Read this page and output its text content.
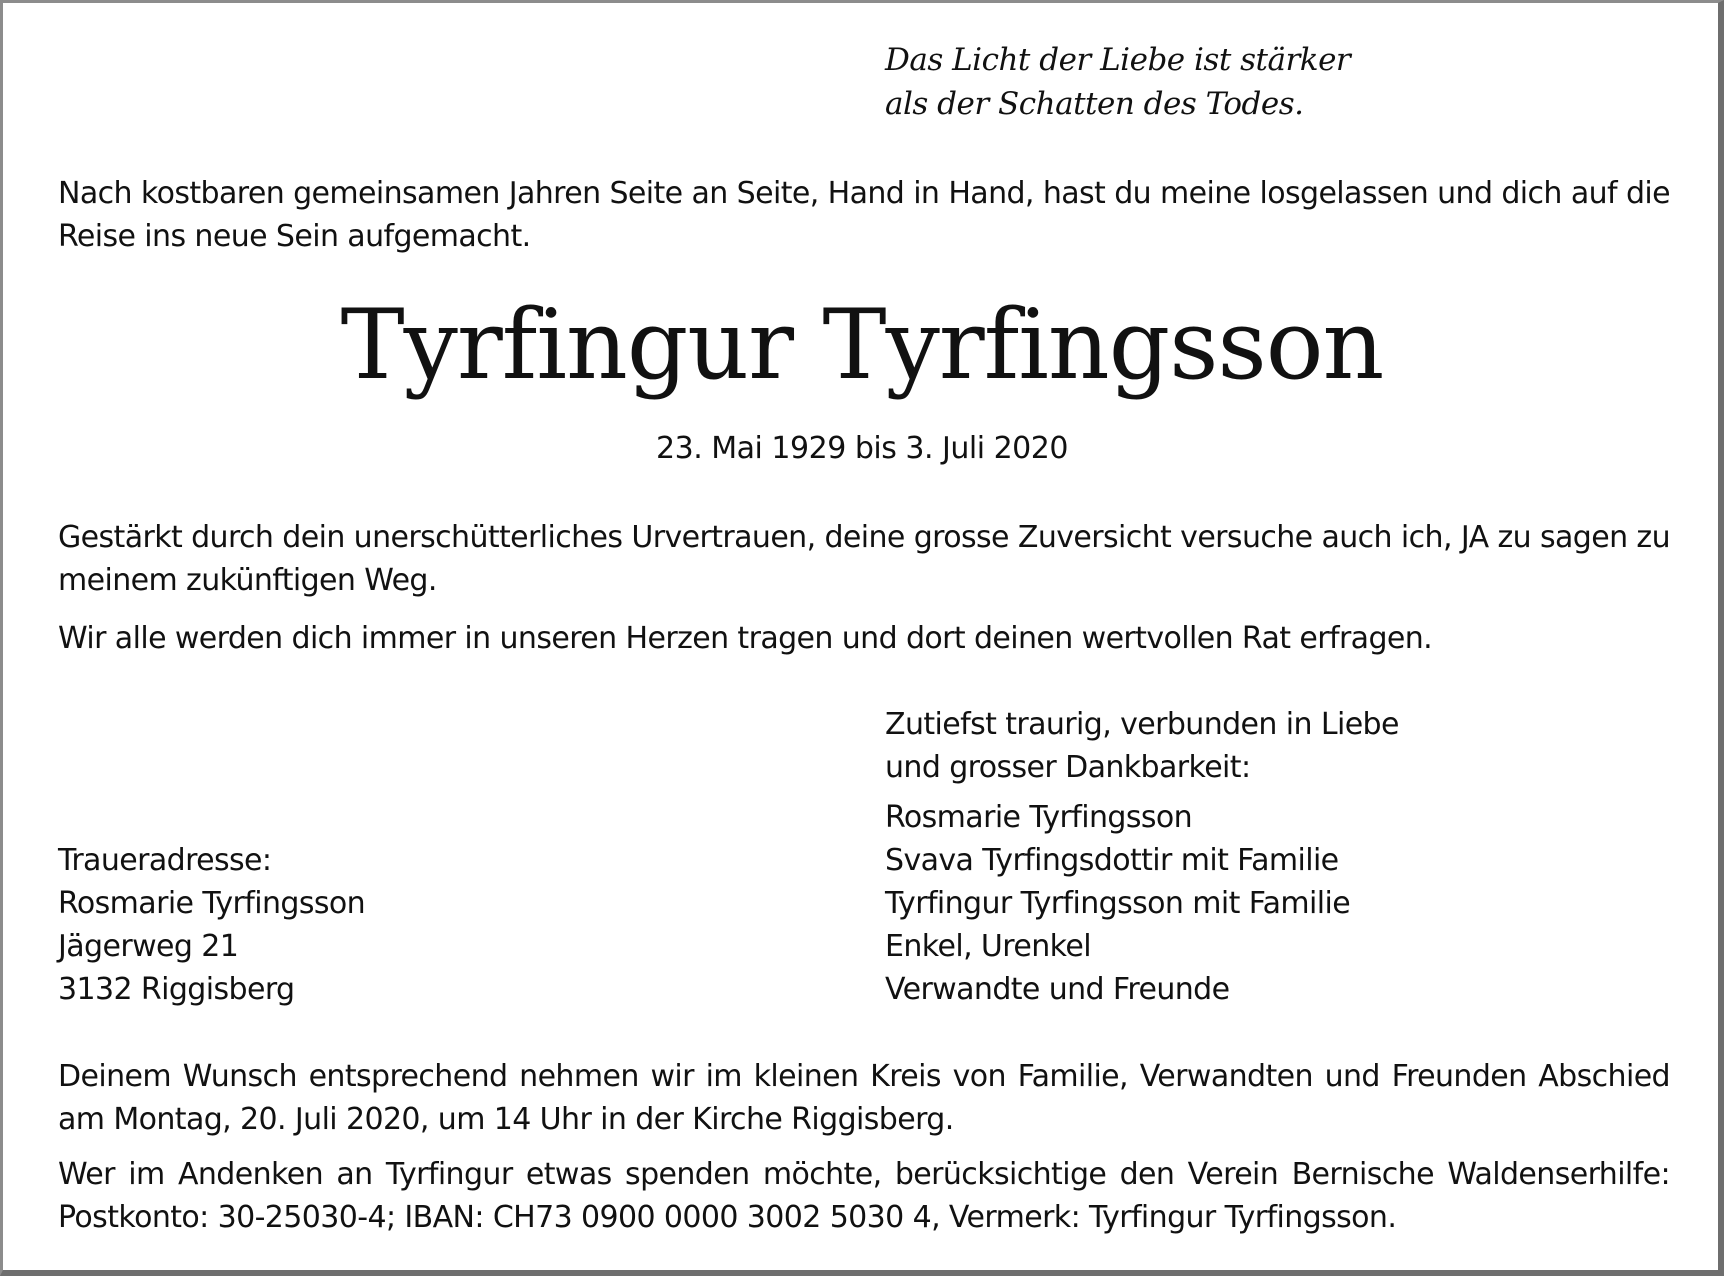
Das Licht der Liebe ist stärker
als der Schatten des Todes.
Nach kostbaren gemeinsamen Jahren Seite an Seite, Hand in Hand, hast du meine losgelassen und dich auf die Reise ins neue Sein aufgemacht.
Tyrfingur Tyrfingsson
23. Mai 1929 bis 3. Juli 2020
Gestärkt durch dein unerschütterliches Urvertrauen, deine grosse Zuversicht versuche auch ich, JA zu sagen zu meinem zukünftigen Weg.
Wir alle werden dich immer in unseren Herzen tragen und dort deinen wertvollen Rat erfragen.
Zutiefst traurig, verbunden in Liebe
und grosser Dankbarkeit:
Rosmarie Tyrfingsson
Svava Tyrfingsdottir mit Familie
Tyrfingur Tyrfingsson mit Familie
Enkel, Urenkel
Verwandte und Freunde
Traueradresse:
Rosmarie Tyrfingsson
Jägerweg 21
3132 Riggisberg
Deinem Wunsch entsprechend nehmen wir im kleinen Kreis von Familie, Verwandten und Freunden Abschied am Montag, 20. Juli 2020, um 14 Uhr in der Kirche Riggisberg.
Wer im Andenken an Tyrfingur etwas spenden möchte, berücksichtige den Verein Bernische Waldenserhilfe: Postkonto: 30-25030-4; IBAN: CH73 0900 0000 3002 5030 4, Vermerk: Tyrfingur Tyrfingsson.
